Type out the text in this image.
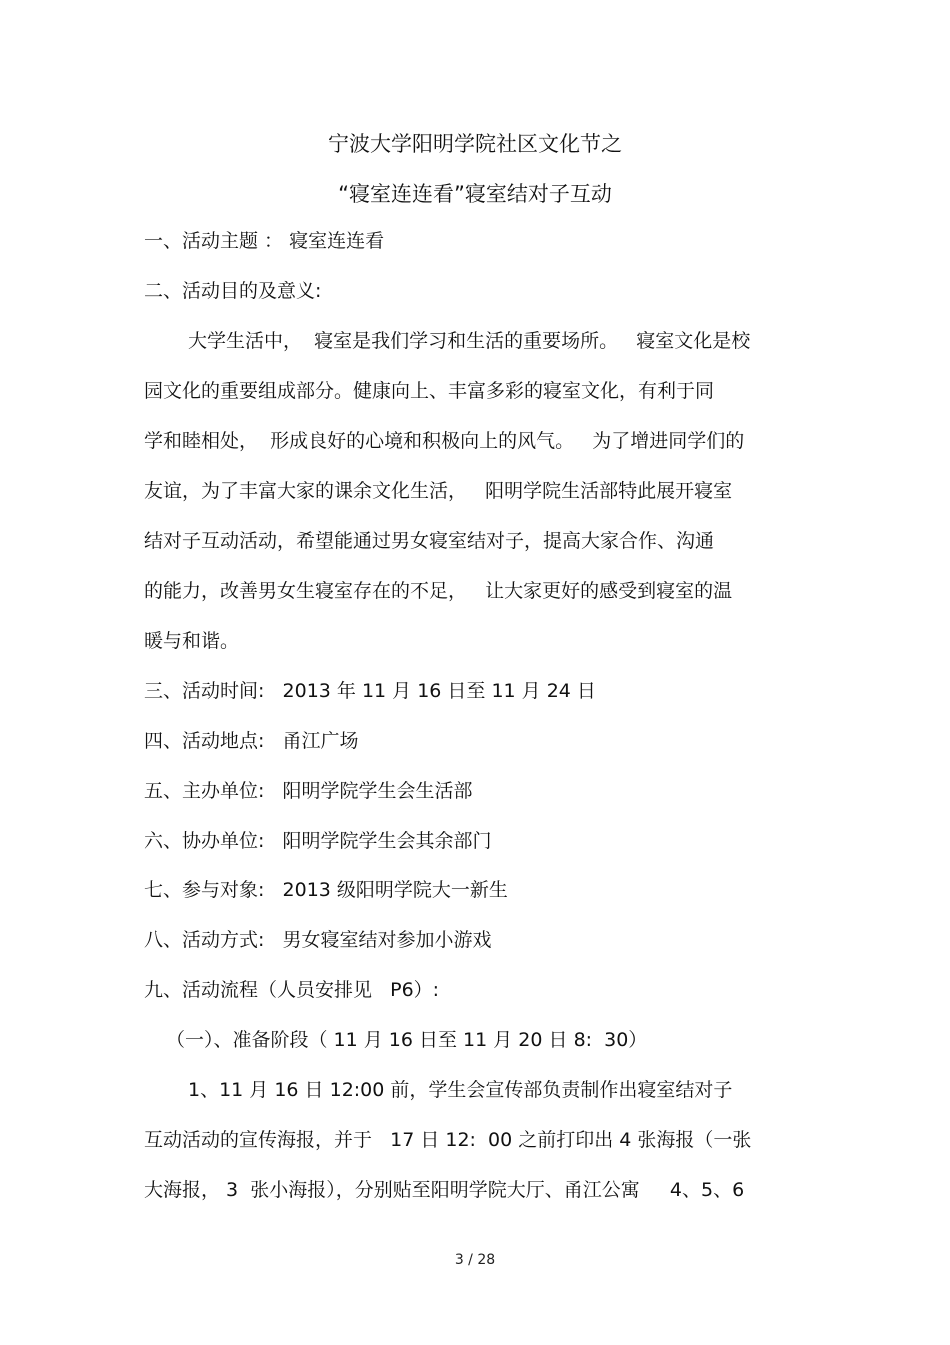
宁波大学阳明学院社区文化节之
“寝室连连看”寝室结对子互动
一、活动主题 ： 寝室连连看
二、活动目的及意义:
大学生活中，  寝室是我们学习和生活的重要场所。   寝室文化是校
园文化的重要组成部分。健康向上、丰富多彩的寝室文化，有利于同
学和睦相处，  形成良好的心境和积极向上的风气。   为了增进同学们的
友谊，为了丰富大家的课余文化生活，   阳明学院生活部特此展开寝室
结对子互动活动，希望能通过男女寝室结对子，提高大家合作、沟通
的能力，改善男女生寝室存在的不足，   让大家更好的感受到寝室的温
暖与和谐。
三、活动时间:   2013 年 11 月 16 日至 11 月 24 日
四、活动地点:   甬江广场
五、主办单位:   阳明学院学生会生活部
六、协办单位:   阳明学院学生会其余部门
七、参与对象:   2013 级阳明学院大一新生
八、活动方式:   男女寝室结对参加小游戏
九、活动流程（人员安排见   P6）:
（一）、准备阶段（ 11 月 16 日至 11 月 20 日 8:  30）
1、11 月 16 日 12:00 前，学生会宣传部负责制作出寝室结对子
互动活动的宣传海报，并于   17 日 12:  00 之前打印出 4 张海报（一张
大海报， 3  张小海报），分别贴至阳明学院大厅、甬江公寓     4、5、6
3 / 28
